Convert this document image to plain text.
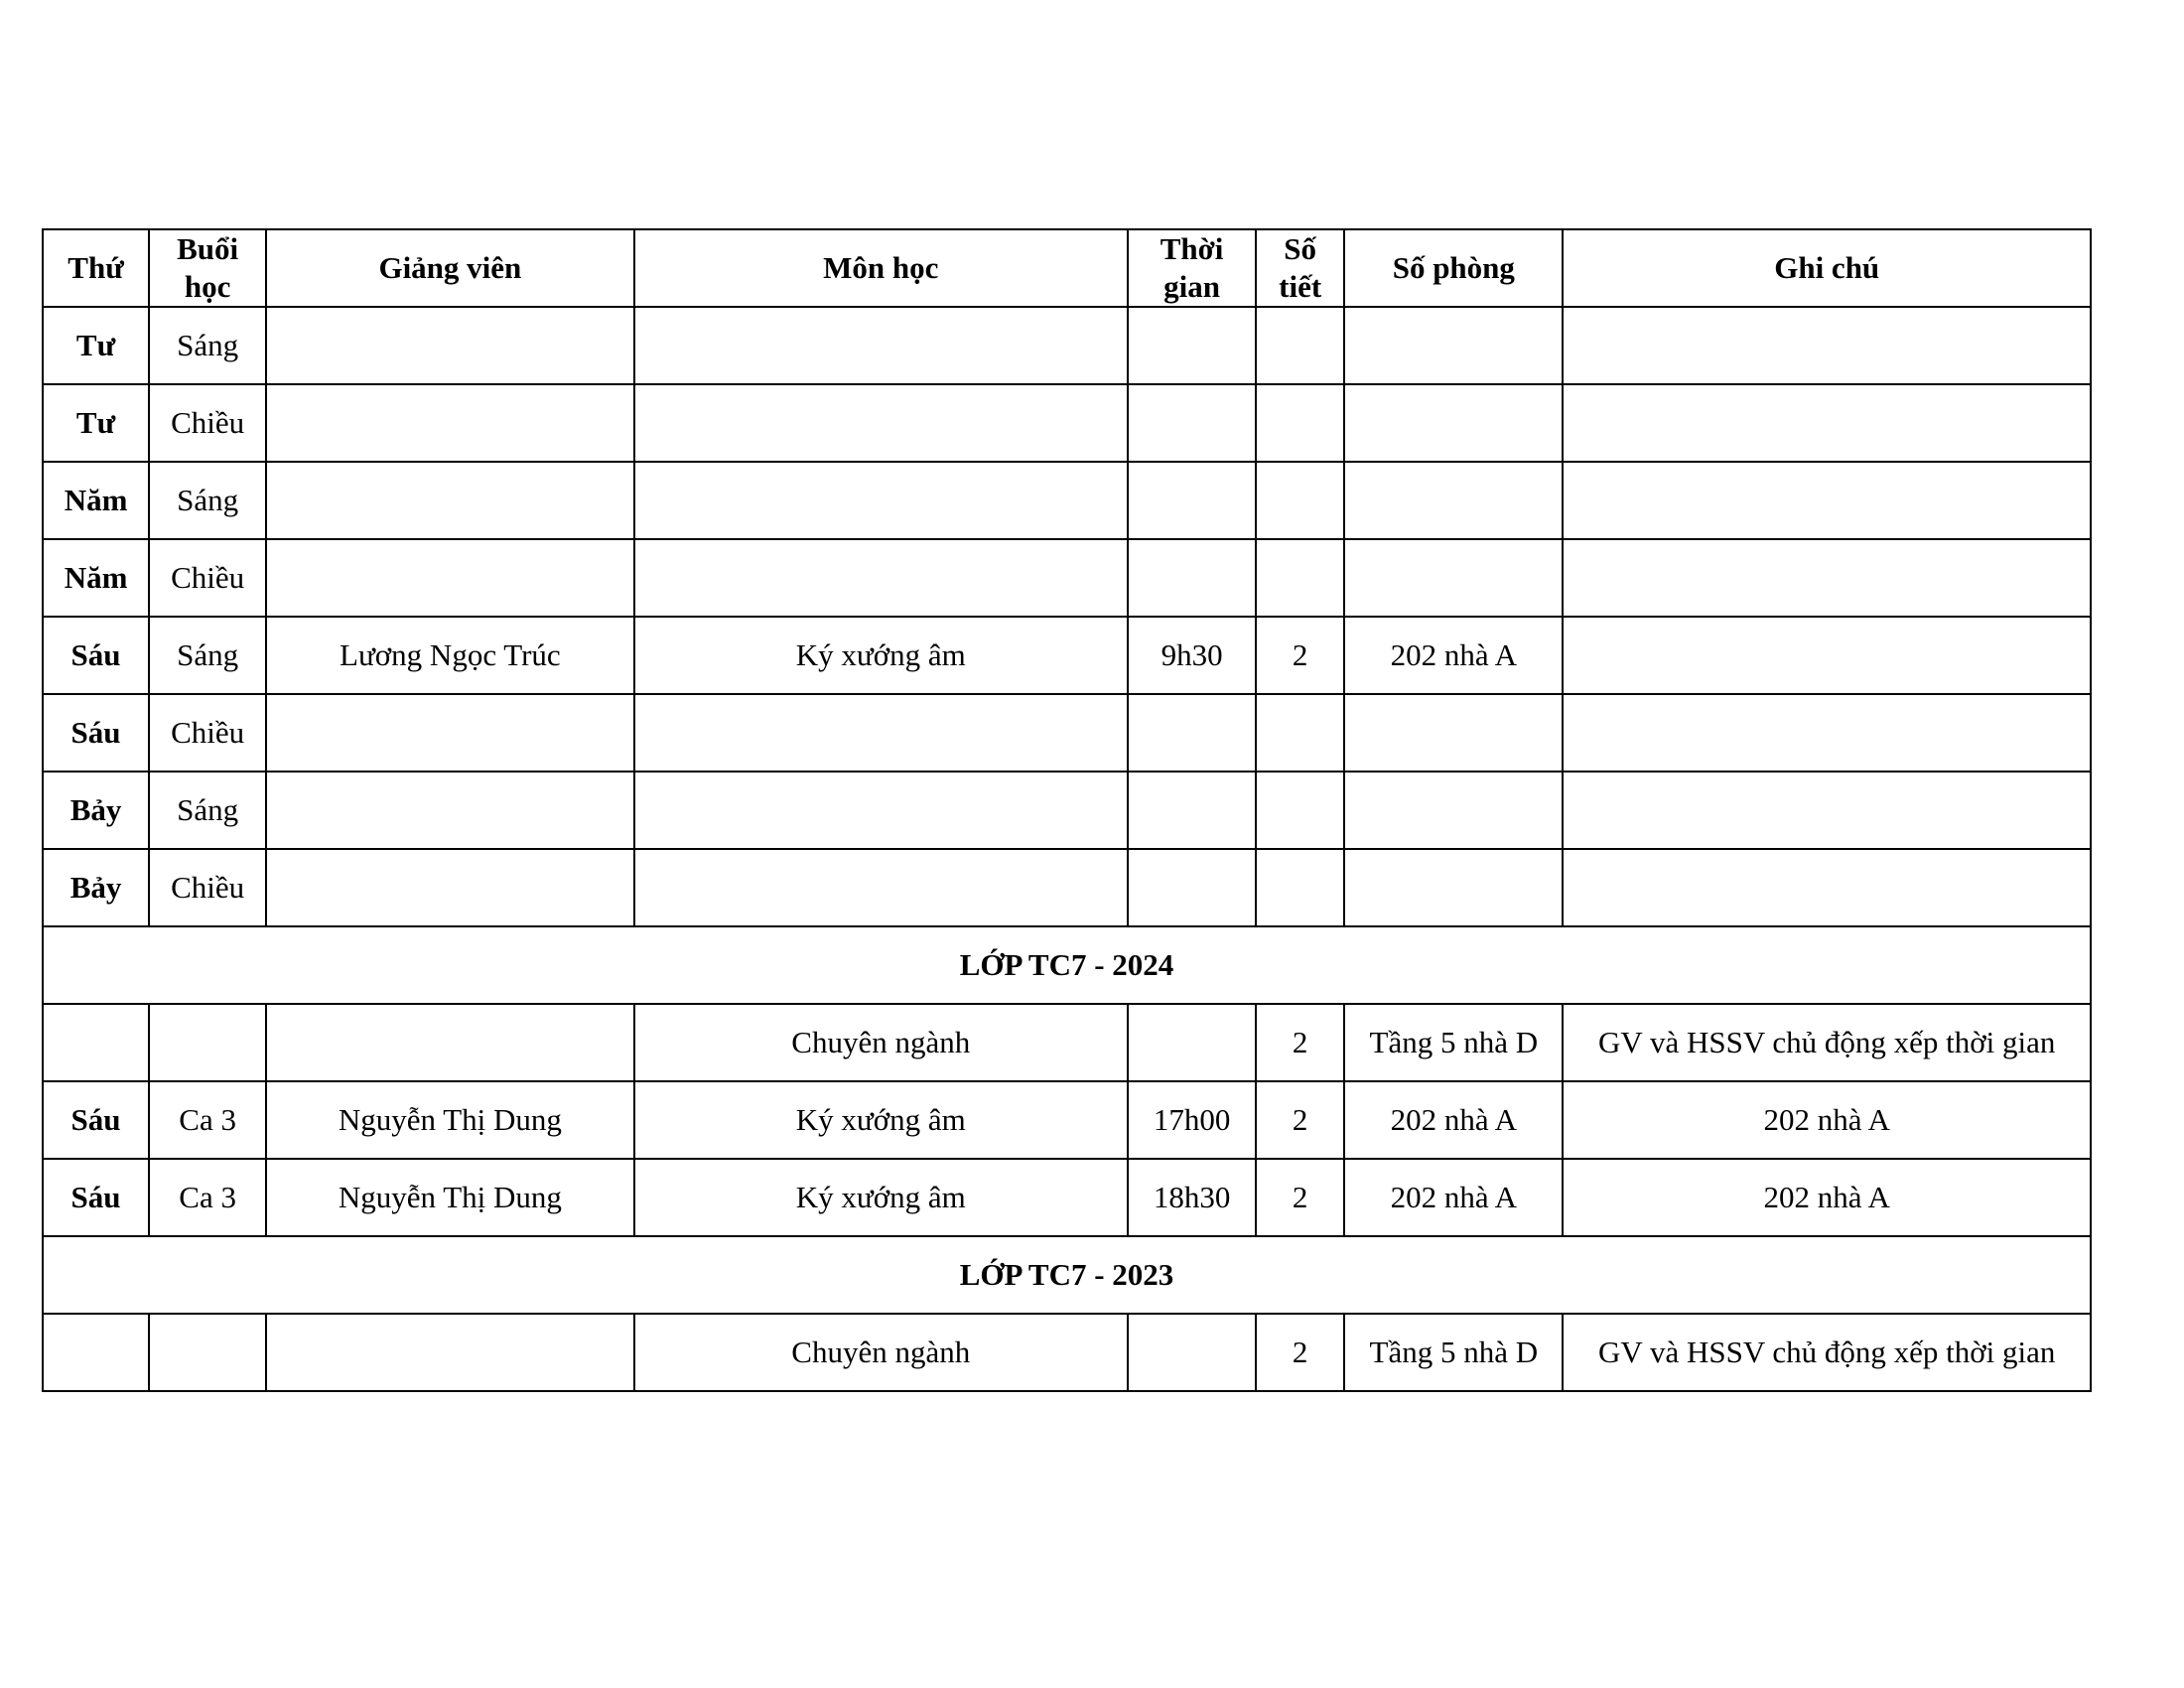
Thứ	Buổi học	Giảng viên	Môn học	Thời gian	Số tiết	Số phòng	Ghi chú
Tư	Sáng						
Tư	Chiều						
Năm	Sáng						
Năm	Chiều						
Sáu	Sáng	Lương Ngọc Trúc	Ký xướng âm	9h30	2	202 nhà A	
Sáu	Chiều						
Bảy	Sáng						
Bảy	Chiều						
LỚP TC7 - 2024							
			Chuyên ngành		2	Tầng 5 nhà D	GV và HSSV chủ động xếp thời gian
Sáu	Ca 3	Nguyễn Thị Dung	Ký xướng âm	17h00	2	202 nhà A	202 nhà A
Sáu	Ca 3	Nguyễn Thị Dung	Ký xướng âm	18h30	2	202 nhà A	202 nhà A
LỚP TC7 - 2023							
			Chuyên ngành		2	Tầng 5 nhà D	GV và HSSV chủ động xếp thời gian
